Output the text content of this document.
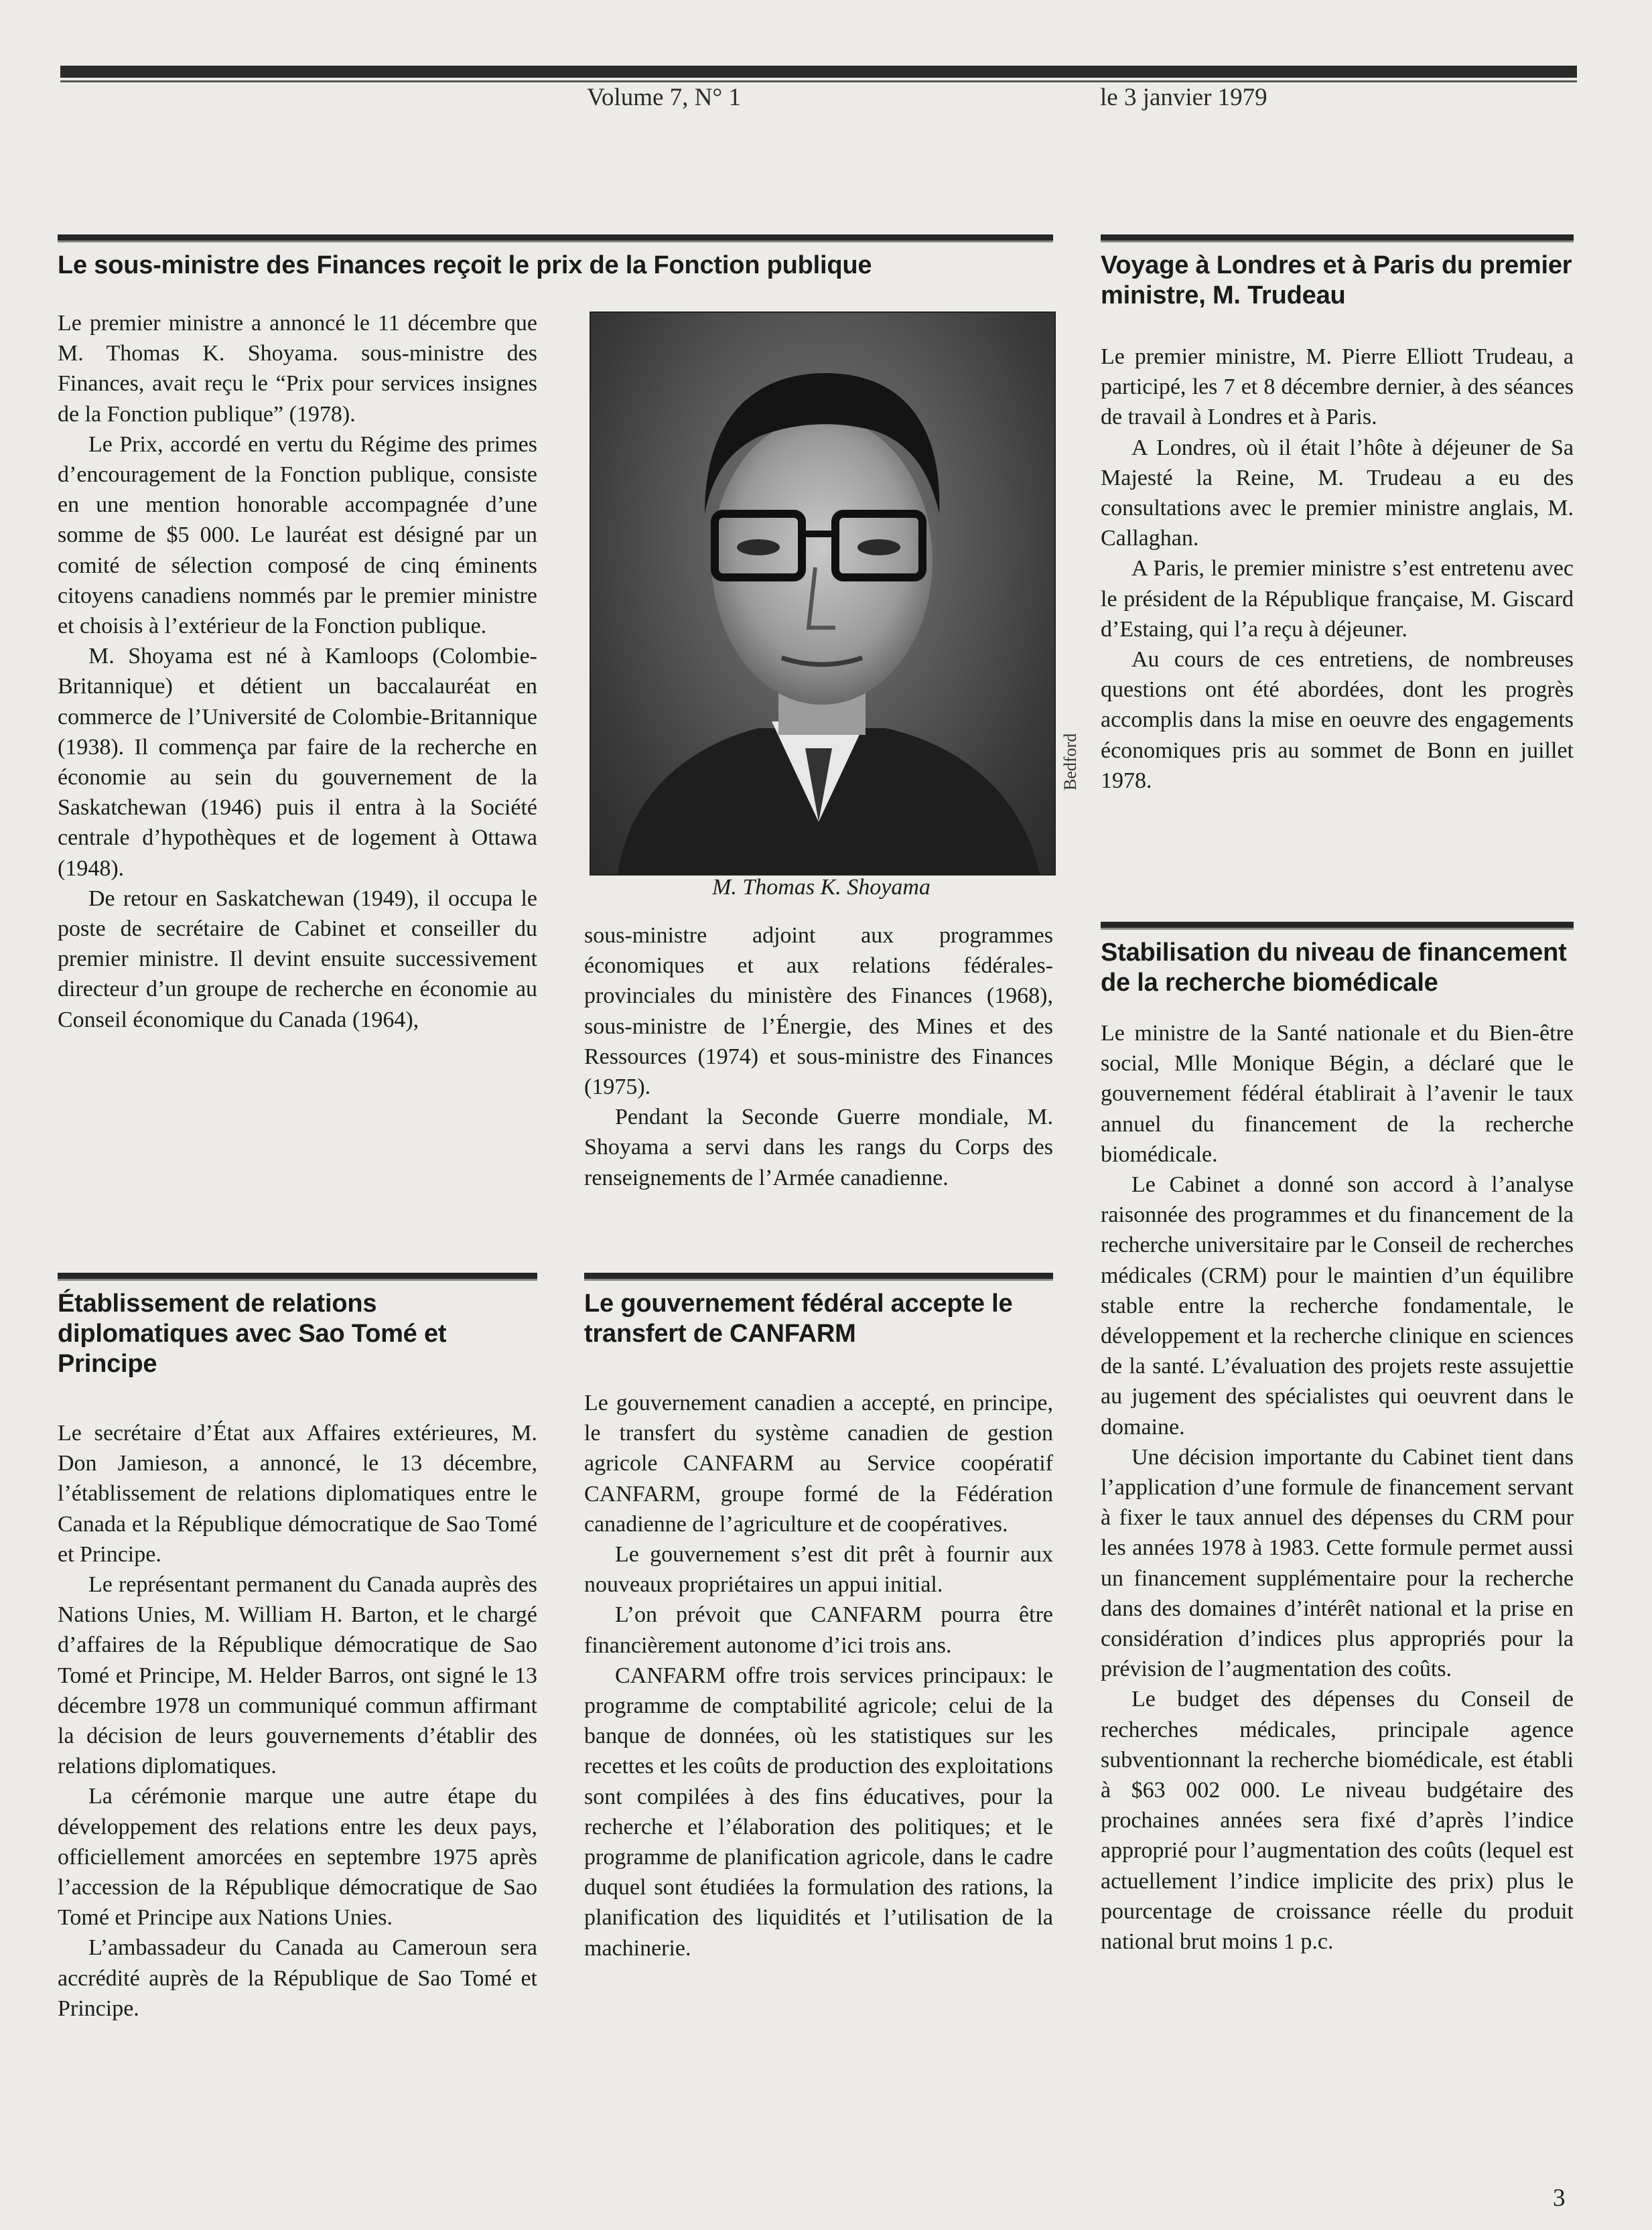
Volume 7, N° 1	le 3 janvier 1979
Le sous-ministre des Finances reçoit le prix de la Fonction publique

Le premier ministre a annoncé le 11 décembre que M. Thomas K. Shoyama. sous-ministre des Finances, avait reçu le “Prix pour services insignes de la Fonction publique” (1978).

Le Prix, accordé en vertu du Régime des primes d’encouragement de la Fonction publique, consiste en une mention honorable accompagnée d’une somme de $5 000. Le lauréat est désigné par un comité de sélection composé de cinq éminents citoyens canadiens nommés par le premier ministre et choisis à l’extérieur de la Fonction publique.

M. Shoyama est né à Kamloops (Colombie-Britannique) et détient un baccalauréat en commerce de l’Université de Colombie-Britannique (1938). Il commença par faire de la recherche en économie au sein du gouvernement de la Saskatchewan (1946) puis il entra à la Société centrale d’hypothèques et de logement à Ottawa (1948).

De retour en Saskatchewan (1949), il occupa le poste de secrétaire de Cabinet et conseiller du premier ministre. Il devint ensuite successivement directeur d’un groupe de recherche en économie au Conseil économique du Canada (1964),

Bedford
M. Thomas K. Shoyama

sous-ministre adjoint aux programmes économiques et aux relations fédérales-provinciales du ministère des Finances (1968), sous-ministre de l’Énergie, des Mines et des Ressources (1974) et sous-ministre des Finances (1975).

Pendant la Seconde Guerre mondiale, M. Shoyama a servi dans les rangs du Corps des renseignements de l’Armée canadienne.

Voyage à Londres et à Paris du premier ministre, M. Trudeau

Le premier ministre, M. Pierre Elliott Trudeau, a participé, les 7 et 8 décembre dernier, à des séances de travail à Londres et à Paris.

A Londres, où il était l’hôte à déjeuner de Sa Majesté la Reine, M. Trudeau a eu des consultations avec le premier ministre anglais, M. Callaghan.

A Paris, le premier ministre s’est entretenu avec le président de la République française, M. Giscard d’Estaing, qui l’a reçu à déjeuner.

Au cours de ces entretiens, de nombreuses questions ont été abordées, dont les progrès accomplis dans la mise en oeuvre des engagements économiques pris au sommet de Bonn en juillet 1978.

Stabilisation du niveau de financement de la recherche biomédicale

Le ministre de la Santé nationale et du Bien-être social, Mlle Monique Bégin, a déclaré que le gouvernement fédéral établirait à l’avenir le taux annuel du financement de la recherche biomédicale.

Le Cabinet a donné son accord à l’analyse raisonnée des programmes et du financement de la recherche universitaire par le Conseil de recherches médicales (CRM) pour le maintien d’un équilibre stable entre la recherche fondamentale, le développement et la recherche clinique en sciences de la santé. L’évaluation des projets reste assujettie au jugement des spécialistes qui oeuvrent dans le domaine.

Une décision importante du Cabinet tient dans l’application d’une formule de financement servant à fixer le taux annuel des dépenses du CRM pour les années 1978 à 1983. Cette formule permet aussi un financement supplémentaire pour la recherche dans des domaines d’intérêt national et la prise en considération d’indices plus appropriés pour la prévision de l’augmentation des coûts.

Le budget des dépenses du Conseil de recherches médicales, principale agence subventionnant la recherche biomédicale, est établi à $63 002 000. Le niveau budgétaire des prochaines années sera fixé d’après l’indice approprié pour l’augmentation des coûts (lequel est actuellement l’indice implicite des prix) plus le pourcentage de croissance réelle du produit national brut moins 1 p.c.

Établissement de relations diplomatiques avec Sao Tomé et Principe

Le secrétaire d’État aux Affaires extérieures, M. Don Jamieson, a annoncé, le 13 décembre, l’établissement de relations diplomatiques entre le Canada et la République démocratique de Sao Tomé et Principe.

Le représentant permanent du Canada auprès des Nations Unies, M. William H. Barton, et le chargé d’affaires de la République démocratique de Sao Tomé et Principe, M. Helder Barros, ont signé le 13 décembre 1978 un communiqué commun affirmant la décision de leurs gouvernements d’établir des relations diplomatiques.

La cérémonie marque une autre étape du développement des relations entre les deux pays, officiellement amorcées en septembre 1975 après l’accession de la République démocratique de Sao Tomé et Principe aux Nations Unies.

L’ambassadeur du Canada au Cameroun sera accrédité auprès de la République de Sao Tomé et Principe.

Le gouvernement fédéral accepte le transfert de CANFARM

Le gouvernement canadien a accepté, en principe, le transfert du système canadien de gestion agricole CANFARM au Service coopératif CANFARM, groupe formé de la Fédération canadienne de l’agriculture et de coopératives.

Le gouvernement s’est dit prêt à fournir aux nouveaux propriétaires un appui initial.

L’on prévoit que CANFARM pourra être financièrement autonome d’ici trois ans.

CANFARM offre trois services principaux: le programme de comptabilité agricole; celui de la banque de données, où les statistiques sur les recettes et les coûts de production des exploitations sont compilées à des fins éducatives, pour la recherche et l’élaboration des politiques; et le programme de planification agricole, dans le cadre duquel sont étudiées la formulation des rations, la planification des liquidités et l’utilisation de la machinerie.

3
